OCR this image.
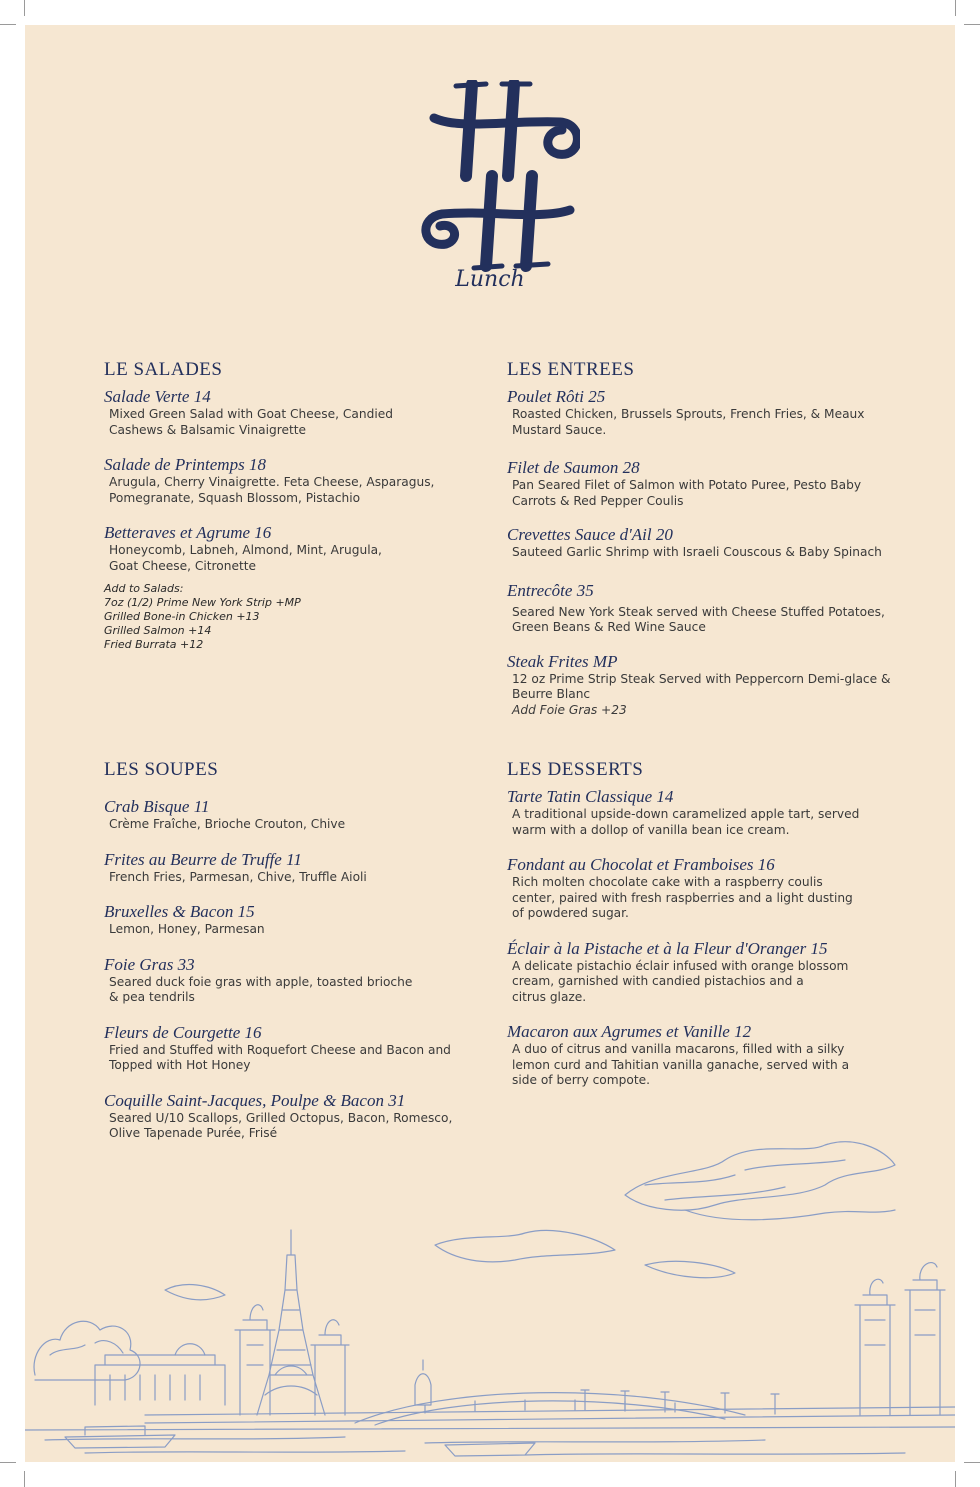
Lunch
LE SALADES
Salade Verte 14
Mixed Green Salad with Goat Cheese, Candied
Cashews & Balsamic Vinaigrette
Salade de Printemps 18
Arugula, Cherry Vinaigrette. Feta Cheese, Asparagus,
Pomegranate, Squash Blossom, Pistachio
Betteraves et Agrume 16
Honeycomb, Labneh, Almond, Mint, Arugula,
Goat Cheese, Citronette
Add to Salads:
7oz (1/2) Prime New York Strip +MP
Grilled Bone-in Chicken +13
Grilled Salmon +14
Fried Burrata +12
LES ENTREES
Poulet Rôti 25
Roasted Chicken, Brussels Sprouts, French Fries, & Meaux
Mustard Sauce.
Filet de Saumon 28
Pan Seared Filet of Salmon with Potato Puree, Pesto Baby
Carrots & Red Pepper Coulis
Crevettes Sauce d'Ail 20
Sauteed Garlic Shrimp with Israeli Couscous & Baby Spinach
Entrecôte 35
Seared New York Steak served with Cheese Stuffed Potatoes,
Green Beans & Red Wine Sauce
Steak Frites MP
12 oz Prime Strip Steak Served with Peppercorn Demi-glace &
Beurre Blanc
Add Foie Gras +23
LES SOUPES
Crab Bisque 11
Crème Fraîche, Brioche Crouton, Chive
Frites au Beurre de Truffe 11
French Fries, Parmesan, Chive, Truffle Aioli
Bruxelles & Bacon 15
Lemon, Honey, Parmesan
Foie Gras 33
Seared duck foie gras with apple, toasted brioche
& pea tendrils
Fleurs de Courgette 16
Fried and Stuffed with Roquefort Cheese and Bacon and
Topped with Hot Honey
Coquille Saint-Jacques, Poulpe & Bacon 31
Seared U/10 Scallops, Grilled Octopus, Bacon, Romesco,
Olive Tapenade Purée, Frisé
LES DESSERTS
Tarte Tatin Classique 14
A traditional upside-down caramelized apple tart, served
warm with a dollop of vanilla bean ice cream.
Fondant au Chocolat et Framboises 16
Rich molten chocolate cake with a raspberry coulis
center, paired with fresh raspberries and a light dusting
of powdered sugar.
Éclair à la Pistache et à la Fleur d'Oranger 15
A delicate pistachio éclair infused with orange blossom
cream, garnished with candied pistachios and a
citrus glaze.
Macaron aux Agrumes et Vanille 12
A duo of citrus and vanilla macarons, filled with a silky
lemon curd and Tahitian vanilla ganache, served with a
side of berry compote.
